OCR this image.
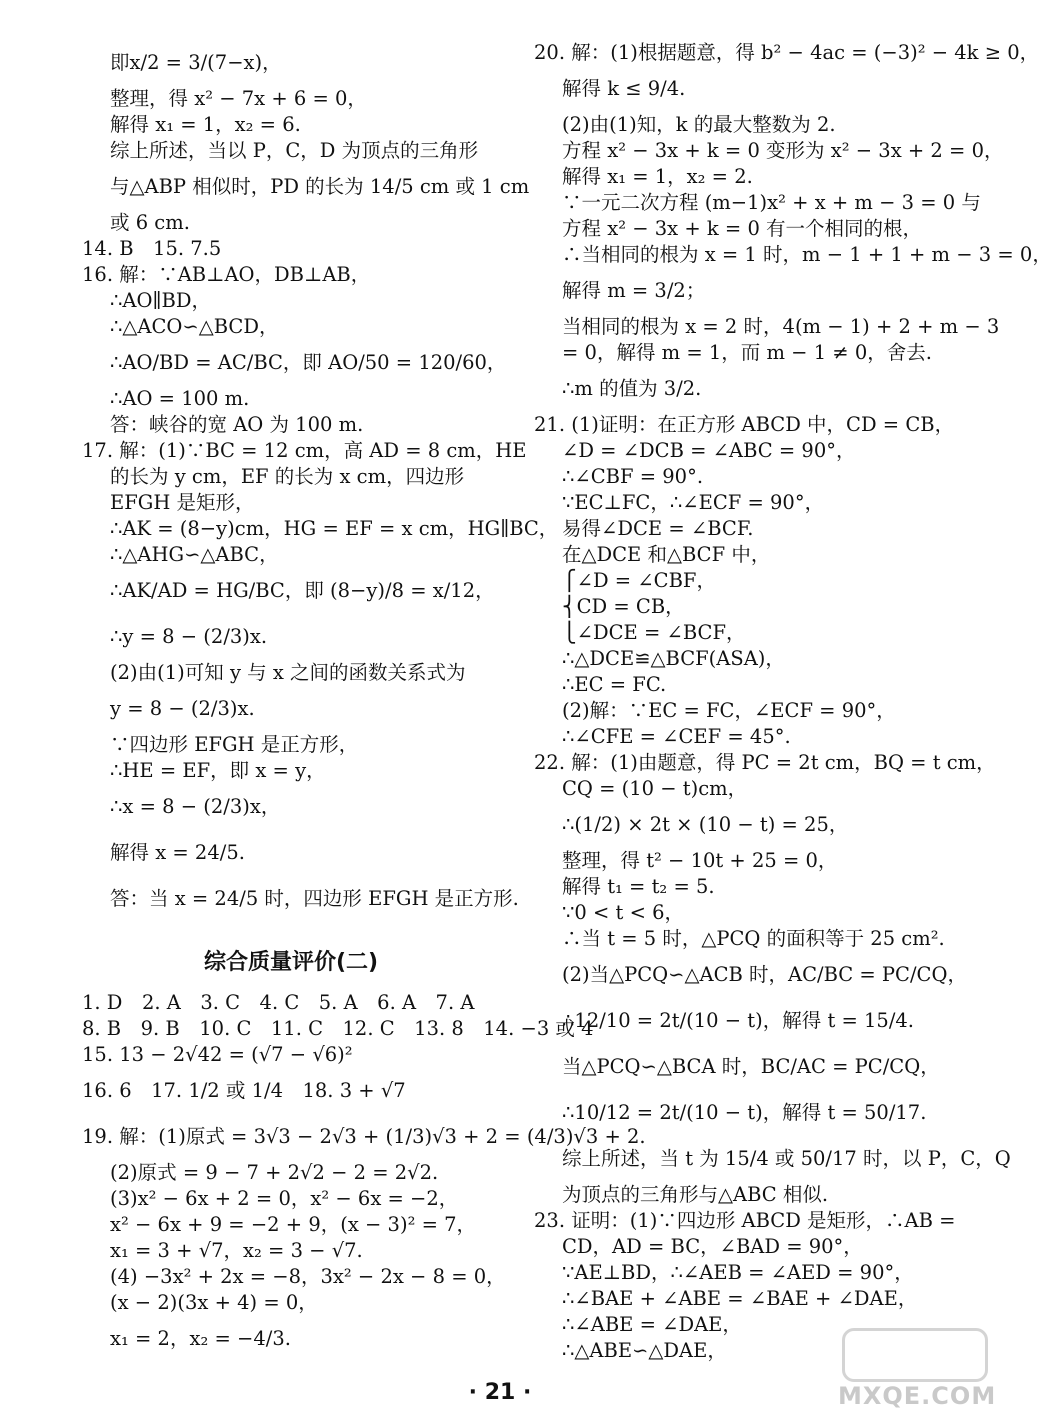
即x/2 = 3/(7−x)，

整理，得 x² − 7x + 6 = 0，

解得 x₁ = 1，x₂ = 6.

综上所述，当以 P，C，D 为顶点的三角形

与△ABP 相似时，PD 的长为 14/5 cm 或 1 cm

或 6 cm.

14. B　15. 7.5

16. 解：∵AB⊥AO，DB⊥AB，

∴AO∥BD，

∴△ACO∽△BCD，

∴AO/BD = AC/BC，即 AO/50 = 120/60，

∴AO = 100 m.

答：峡谷的宽 AO 为 100 m.

17. 解：(1)∵BC = 12 cm，高 AD = 8 cm，HE

的长为 y cm，EF 的长为 x cm，四边形

EFGH 是矩形，

∴AK = (8−y)cm，HG = EF = x cm，HG∥BC，

∴△AHG∽△ABC，

∴AK/AD = HG/BC，即 (8−y)/8 = x/12，

∴y = 8 − (2/3)x.

(2)由(1)可知 y 与 x 之间的函数关系式为

y = 8 − (2/3)x.

∵四边形 EFGH 是正方形，

∴HE = EF，即 x = y，

∴x = 8 − (2/3)x，

解得 x = 24/5.

答：当 x = 24/5 时，四边形 EFGH 是正方形.

综合质量评价(二)

1. D　2. A　3. C　4. C　5. A　6. A　7. A

8. B　9. B　10. C　11. C　12. C　13. 8　14. −3 或 4

15. 13 − 2√42 = (√7 − √6)²

16. 6　17. 1/2 或 1/4　18. 3 + √7

19. 解：(1)原式 = 3√3 − 2√3 + (1/3)√3 + 2 = (4/3)√3 + 2.

(2)原式 = 9 − 7 + 2√2 − 2 = 2√2.

(3)x² − 6x + 2 = 0，x² − 6x = −2，

x² − 6x + 9 = −2 + 9，(x − 3)² = 7，

x₁ = 3 + √7，x₂ = 3 − √7.

(4) −3x² + 2x = −8，3x² − 2x − 8 = 0，

(x − 2)(3x + 4) = 0，

x₁ = 2，x₂ = −4/3.

20. 解：(1)根据题意，得 b² − 4ac = (−3)² − 4k ≥ 0，

解得 k ≤ 9/4.

(2)由(1)知，k 的最大整数为 2.

方程 x² − 3x + k = 0 变形为 x² − 3x + 2 = 0，

解得 x₁ = 1，x₂ = 2.

∵一元二次方程 (m−1)x² + x + m − 3 = 0 与

方程 x² − 3x + k = 0 有一个相同的根，

∴当相同的根为 x = 1 时，m − 1 + 1 + m − 3 = 0，

解得 m = 3/2；

当相同的根为 x = 2 时，4(m − 1) + 2 + m − 3

= 0，解得 m = 1，而 m − 1 ≠ 0，舍去.

∴m 的值为 3/2.

21. (1)证明：在正方形 ABCD 中，CD = CB，

∠D = ∠DCB = ∠ABC = 90°，

∴∠CBF = 90°.

∵EC⊥FC，∴∠ECF = 90°，

易得∠DCE = ∠BCF.

在△DCE 和△BCF 中，

⎧∠D = ∠CBF，

⎨CD = CB，

⎩∠DCE = ∠BCF，

∴△DCE≌△BCF(ASA)，

∴EC = FC.

(2)解：∵EC = FC，∠ECF = 90°，

∴∠CFE = ∠CEF = 45°.

22. 解：(1)由题意，得 PC = 2t cm，BQ = t cm，

CQ = (10 − t)cm，

∴(1/2) × 2t × (10 − t) = 25，

整理，得 t² − 10t + 25 = 0，

解得 t₁ = t₂ = 5.

∵0 < t < 6，

∴当 t = 5 时，△PCQ 的面积等于 25 cm².

(2)当△PCQ∽△ACB 时，AC/BC = PC/CQ，

∴12/10 = 2t/(10 − t)，解得 t = 15/4.

当△PCQ∽△BCA 时，BC/AC = PC/CQ，

∴10/12 = 2t/(10 − t)，解得 t = 50/17.

综上所述，当 t 为 15/4 或 50/17 时，以 P，C，Q

为顶点的三角形与△ABC 相似.

23. 证明：(1)∵四边形 ABCD 是矩形，∴AB =

CD，AD = BC，∠BAD = 90°，

∵AE⊥BD，∴∠AEB = ∠AED = 90°，

∴∠BAE + ∠ABE = ∠BAE + ∠DAE，

∴∠ABE = ∠DAE，

∴△ABE∽△DAE，

· 21 ·	MXQE.COM
